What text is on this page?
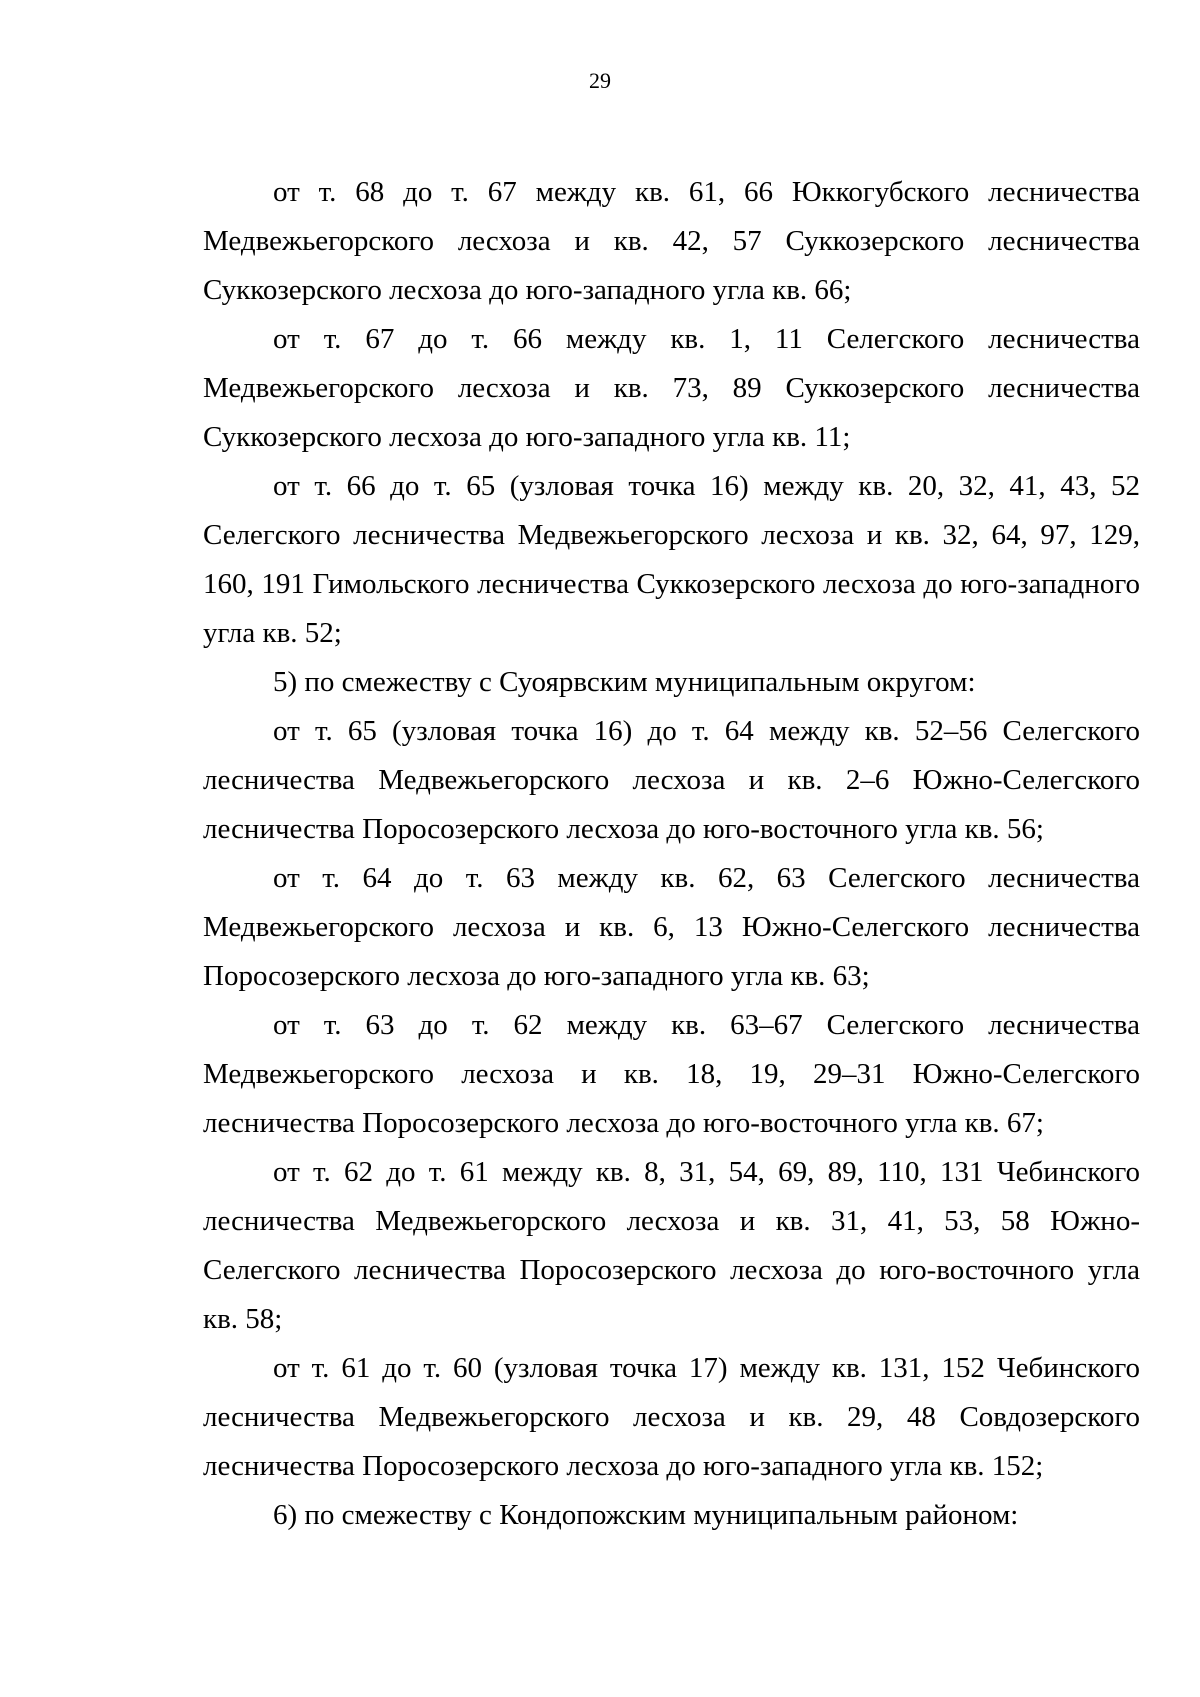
29

от т. 68 до т. 67 между кв. 61, 66 Юккогубского лесничества Медвежьегорского лесхоза и кв. 42, 57 Суккозерского лесничества Суккозерского лесхоза до юго-западного угла кв. 66;

от т. 67 до т. 66 между кв. 1, 11 Селегского лесничества Медвежьегорского лесхоза и кв. 73, 89 Суккозерского лесничества Суккозерского лесхоза до юго-западного угла кв. 11;

от т. 66 до т. 65 (узловая точка 16) между кв. 20, 32, 41, 43, 52 Селегского лесничества Медвежьегорского лесхоза и кв. 32, 64, 97, 129, 160, 191 Гимольского лесничества Суккозерского лесхоза до юго-западного угла кв. 52;

5) по смежеству с Суоярвским муниципальным округом:

от т. 65 (узловая точка 16) до т. 64 между кв. 52–56 Селегского лесничества Медвежьегорского лесхоза и кв. 2–6 Южно-Селегского лесничества Поросозерского лесхоза до юго-восточного угла кв. 56;

от т. 64 до т. 63 между кв. 62, 63 Селегского лесничества Медвежьегорского лесхоза и кв. 6, 13 Южно-Селегского лесничества Поросозерского лесхоза до юго-западного угла кв. 63;

от т. 63 до т. 62 между кв. 63–67 Селегского лесничества Медвежьегорского лесхоза и кв. 18, 19, 29–31 Южно-Селегского лесничества Поросозерского лесхоза до юго-восточного угла кв. 67;

от т. 62 до т. 61 между кв. 8, 31, 54, 69, 89, 110, 131 Чебинского лесничества Медвежьегорского лесхоза и кв. 31, 41, 53, 58 Южно-Селегского лесничества Поросозерского лесхоза до юго-восточного угла кв. 58;

от т. 61 до т. 60 (узловая точка 17) между кв. 131, 152 Чебинского лесничества Медвежьегорского лесхоза и кв. 29, 48 Совдозерского лесничества Поросозерского лесхоза до юго-западного угла кв. 152;

6) по смежеству с Кондопожским муниципальным районом:
